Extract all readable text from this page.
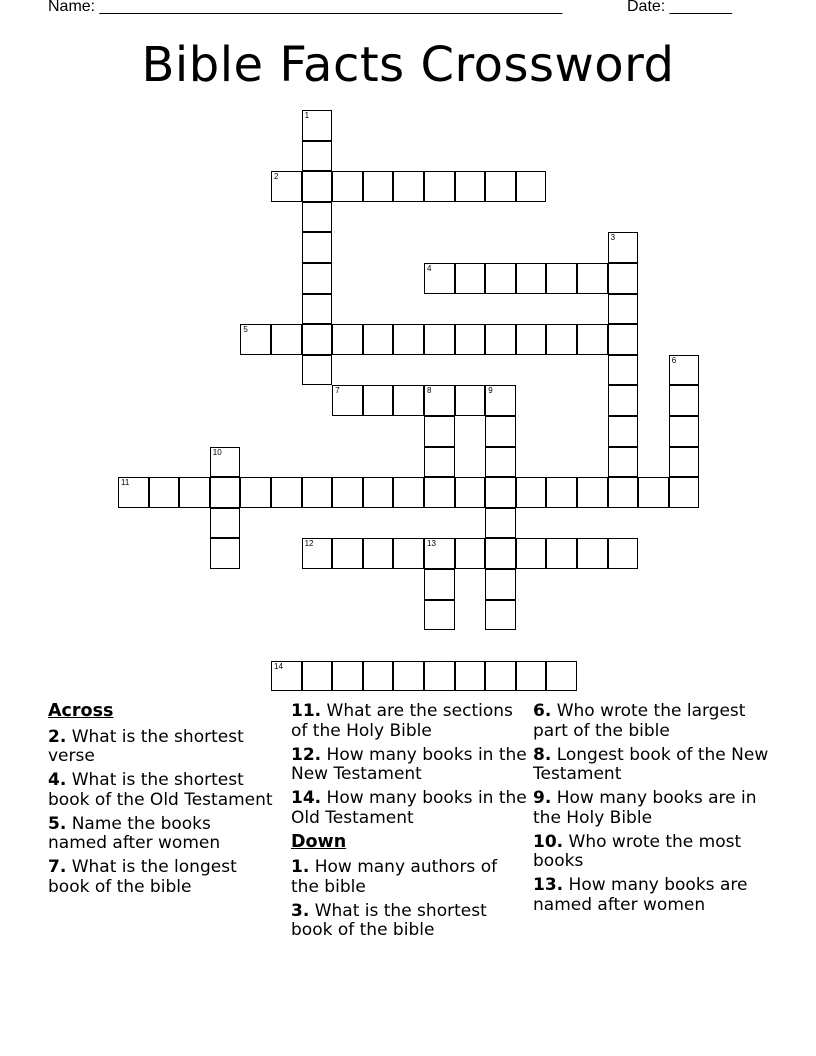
Name: ____________________________________________________	Date: _______
Bible Facts Crossword
1
2
3
4
5
6
7	8	9
10
11
12	13
14
Across
2. What is the shortest verse
4. What is the shortest book of the Old Testament
5. Name the books named after women
7. What is the longest book of the bible
11. What are the sections of the Holy Bible
12. How many books in the New Testament
14. How many books in the Old Testament
Down
1. How many authors of the bible
3. What is the shortest book of the bible
6. Who wrote the largest part of the bible
8. Longest book of the New Testament
9. How many books are in the Holy Bible
10. Who wrote the most books
13. How many books are named after women
